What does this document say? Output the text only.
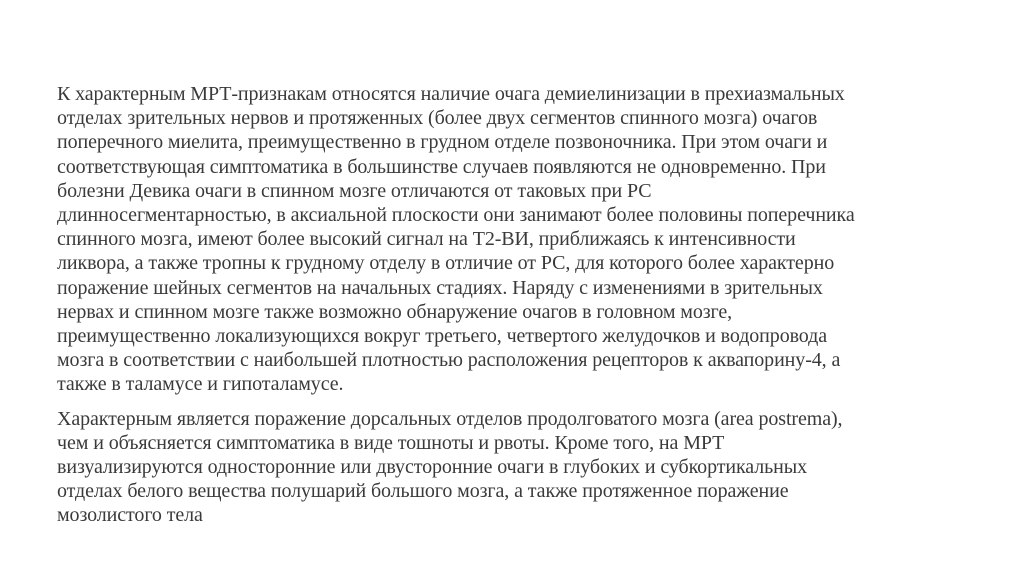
К характерным МРТ-признакам относятся наличие очага демиелинизации в прехиазмальных
отделах зрительных нервов и протяженных (более двух сегментов спинного мозга) очагов
поперечного миелита, преимущественно в грудном отделе позвоночника. При этом очаги и
соответствующая симптоматика в большинстве случаев появляются не одновременно. При
болезни Девика очаги в спинном мозге отличаются от таковых при РС
длинносегментарностью, в аксиальной плоскости они занимают более половины поперечника
спинного мозга, имеют более высокий сигнал на Т2-ВИ, приближаясь к интенсивности
ликвора, а также тропны к грудному отделу в отличие от РС, для которого более характерно
поражение шейных сегментов на начальных стадиях. Наряду с изменениями в зрительных
нервах и спинном мозге также возможно обнаружение очагов в головном мозге,
преимущественно локализующихся вокруг третьего, четвертого желудочков и водопровода
мозга в соответствии с наибольшей плотностью расположения рецепторов к аквапорину-4, а
также в таламусе и гипоталамусе.

Характерным является поражение дорсальных отделов продолговатого мозга (area postrema),
чем и объясняется симптоматика в виде тошноты и рвоты. Кроме того, на МРТ
визуализируются односторонние или двусторонние очаги в глубоких и субкортикальных
отделах белого вещества полушарий большого мозга, а также протяженное поражение
мозолистого тела
